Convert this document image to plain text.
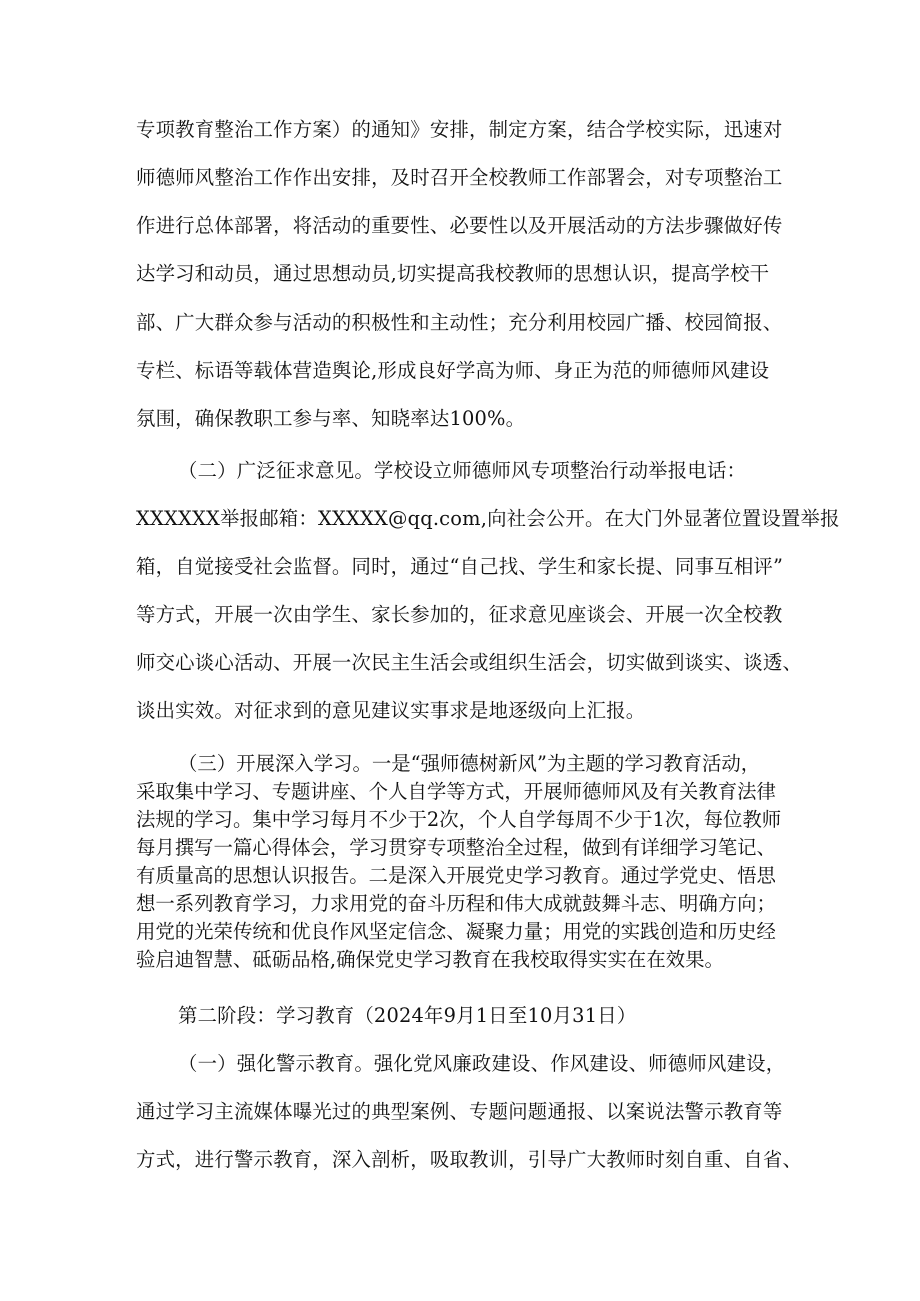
专项教育整治工作方案）的通知》安排，制定方案，结合学校实际，迅速对
师德师风整治工作作出安排，及时召开全校教师工作部署会，对专项整治工
作进行总体部署，将活动的重要性、必要性以及开展活动的方法步骤做好传
达学习和动员，通过思想动员,切实提高我校教师的思想认识，提高学校干
部、广大群众参与活动的积极性和主动性；充分利用校园广播、校园简报、
专栏、标语等载体营造舆论,形成良好学高为师、身正为范的师德师风建设
氛围，确保教职工参与率、知晓率达100%。
（二）广泛征求意见。学校设立师德师风专项整治行动举报电话：
XXXXXX举报邮箱：XXXXX@qq.com,向社会公开。在大门外显著位置设置举报
箱，自觉接受社会监督。同时，通过“自己找、学生和家长提、同事互相评”
等方式，开展一次由学生、家长参加的，征求意见座谈会、开展一次全校教
师交心谈心活动、开展一次民主生活会或组织生活会，切实做到谈实、谈透、
谈出实效。对征求到的意见建议实事求是地逐级向上汇报。
（三）开展深入学习。一是“强师德树新风”为主题的学习教育活动，
采取集中学习、专题讲座、个人自学等方式，开展师德师风及有关教育法律
法规的学习。集中学习每月不少于2次，个人自学每周不少于1次，每位教师
每月撰写一篇心得体会，学习贯穿专项整治全过程，做到有详细学习笔记、
有质量高的思想认识报告。二是深入开展党史学习教育。通过学党史、悟思
想一系列教育学习，力求用党的奋斗历程和伟大成就鼓舞斗志、明确方向；
用党的光荣传统和优良作风坚定信念、凝聚力量；用党的实践创造和历史经
验启迪智慧、砥砺品格,确保党史学习教育在我校取得实实在在效果。
第二阶段：学习教育（2024年9月1日至10月31日）
（一）强化警示教育。强化党风廉政建设、作风建设、师德师风建设，
通过学习主流媒体曝光过的典型案例、专题问题通报、以案说法警示教育等
方式，进行警示教育，深入剖析，吸取教训，引导广大教师时刻自重、自省、
